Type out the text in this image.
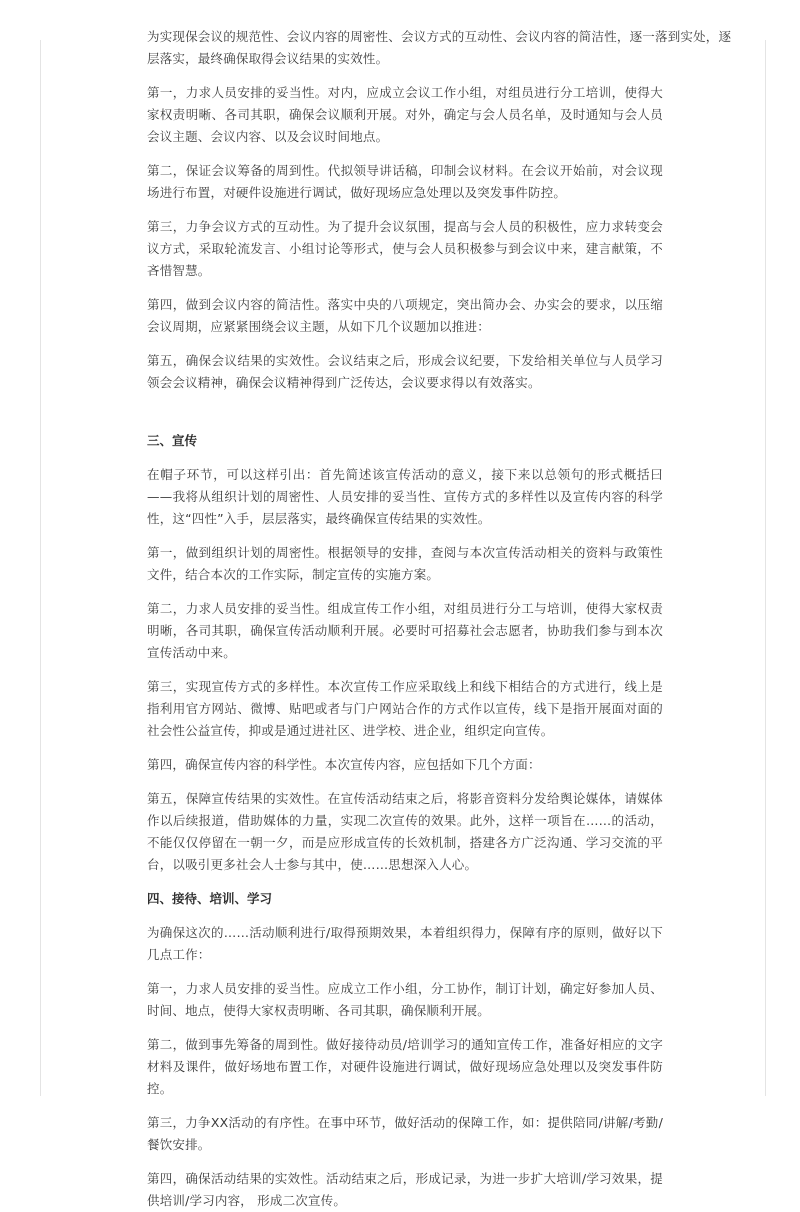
为实现保会议的规范性、会议内容的周密性、会议方式的互动性、会议内容的简洁性，逐一落到实处，逐

层落实，最终确保取得会议结果的实效性。

第一，力求人员安排的妥当性。对内，应成立会议工作小组，对组员进行分工培训，使得大家权责明晰、各司其职，确保会议顺利开展。对外，确定与会人员名单，及时通知与会人员会议主题、会议内容、以及会议时间地点。

第二，保证会议筹备的周到性。代拟领导讲话稿，印制会议材料。在会议开始前，对会议现场进行布置，对硬件设施进行调试，做好现场应急处理以及突发事件防控。

第三，力争会议方式的互动性。为了提升会议氛围，提高与会人员的积极性，应力求转变会议方式，采取轮流发言、小组讨论等形式，使与会人员积极参与到会议中来，建言献策，不吝惜智慧。

第四，做到会议内容的简洁性。落实中央的八项规定，突出简办会、办实会的要求，以压缩会议周期，应紧紧围绕会议主题，从如下几个议题加以推进：

第五，确保会议结果的实效性。会议结束之后，形成会议纪要，下发给相关单位与人员学习领会会议精神，确保会议精神得到广泛传达，会议要求得以有效落实。

三、宣传

在帽子环节，可以这样引出：首先简述该宣传活动的意义，接下来以总领句的形式概括曰——我将从组织计划的周密性、人员安排的妥当性、宣传方式的多样性以及宣传内容的科学性，这“四性”入手，层层落实，最终确保宣传结果的实效性。

第一，做到组织计划的周密性。根据领导的安排，查阅与本次宣传活动相关的资料与政策性文件，结合本次的工作实际，制定宣传的实施方案。

第二，力求人员安排的妥当性。组成宣传工作小组，对组员进行分工与培训，使得大家权责明晰，各司其职，确保宣传活动顺利开展。必要时可招募社会志愿者，协助我们参与到本次宣传活动中来。

第三，实现宣传方式的多样性。本次宣传工作应采取线上和线下相结合的方式进行，线上是指利用官方网站、微博、贴吧或者与门户网站合作的方式作以宣传，线下是指开展面对面的社会性公益宣传，抑或是通过进社区、进学校、进企业，组织定向宣传。

第四，确保宣传内容的科学性。本次宣传内容，应包括如下几个方面：

第五，保障宣传结果的实效性。在宣传活动结束之后，将影音资料分发给舆论媒体，请媒体作以后续报道，借助媒体的力量，实现二次宣传的效果。此外，这样一项旨在……的活动，不能仅仅停留在一朝一夕，而是应形成宣传的长效机制，搭建各方广泛沟通、学习交流的平台，以吸引更多社会人士参与其中，使……思想深入人心。

四、接待、培训、学习

为确保这次的……活动顺利进行/取得预期效果，本着组织得力，保障有序的原则，做好以下几点工作：

第一，力求人员安排的妥当性。应成立工作小组，分工协作，制订计划，确定好参加人员、时间、地点，使得大家权责明晰、各司其职，确保顺利开展。

第二，做到事先筹备的周到性。做好接待动员/培训学习的通知宣传工作，准备好相应的文字材料及课件，做好场地布置工作，对硬件设施进行调试，做好现场应急处理以及突发事件防控。

第三，力争XX活动的有序性。在事中环节，做好活动的保障工作，如：提供陪同/讲解/考勤/餐饮安排。

第四，确保活动结果的实效性。活动结束之后，形成记录，为进一步扩大培训/学习效果，提供培训/学习内容， 形成二次宣传。
